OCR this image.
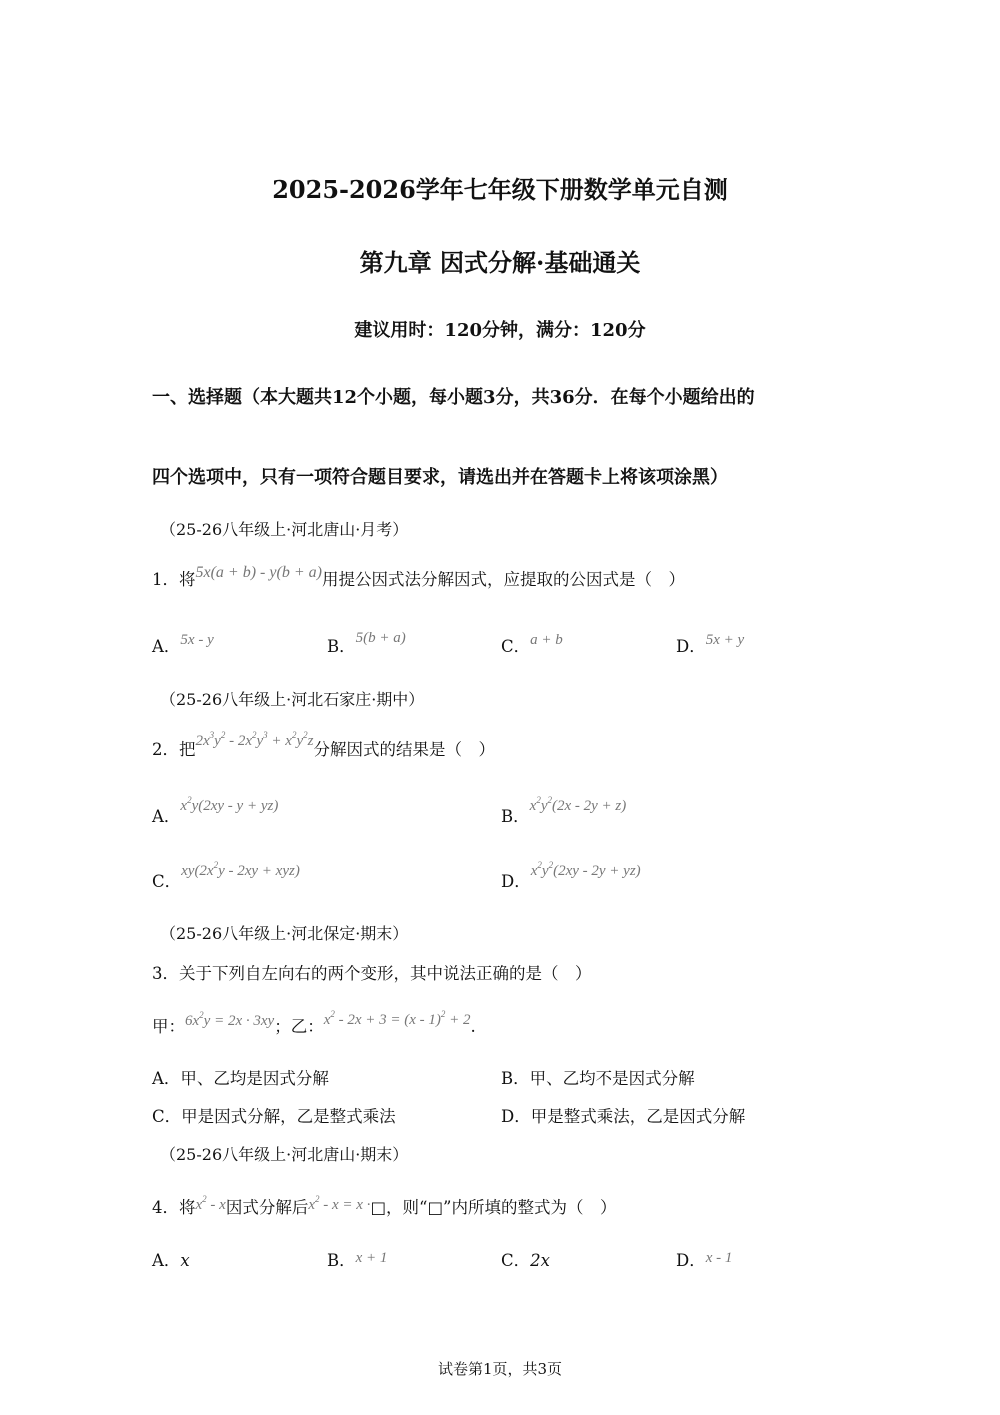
2025-2026学年七年级下册数学单元自测
第九章 因式分解·基础通关
建议用时：120分钟，满分：120分
一、选择题（本大题共12个小题，每小题3分，共36分．在每个小题给出的
四个选项中，只有一项符合题目要求，请选出并在答题卡上将该项涂黑）
（25-26八年级上·河北唐山·月考）
1．将5x(a + b) - y(b + a)用提公因式法分解因式，应提取的公因式是（　）
A．5x - y	B．5(b + a)	C．a + b	D．5x + y
（25-26八年级上·河北石家庄·期中）
2．把$2x^3y^2 - 2x^2y^3 + x^2y^2z$分解因式的结果是（　）
A．$x^2y(2xy - y + yz)$
B．$x^2y^2(2x - 2y + z)$
C．$xy(2x^2y - 2xy + xyz)$
D．$x^2y^2(2xy - 2y + yz)$
（25-26八年级上·河北保定·期末）
3．关于下列自左向右的两个变形，其中说法正确的是（　）
甲：$6x^2y = 2x \cdot 3xy$；乙：$x^2 - 2x + 3 = (x - 1)^2 + 2$.
A．甲、乙均是因式分解	B．甲、乙均不是因式分解
C．甲是因式分解，乙是整式乘法	D．甲是整式乘法，乙是因式分解
（25-26八年级上·河北唐山·期末）
4．将$x^2$ - x因式分解后$x^2 - x = x$ ·□，则“□”内所填的整式为（　）
A．x	B．x + 1	C．2x	D．x - 1
试卷第1页，共3页
